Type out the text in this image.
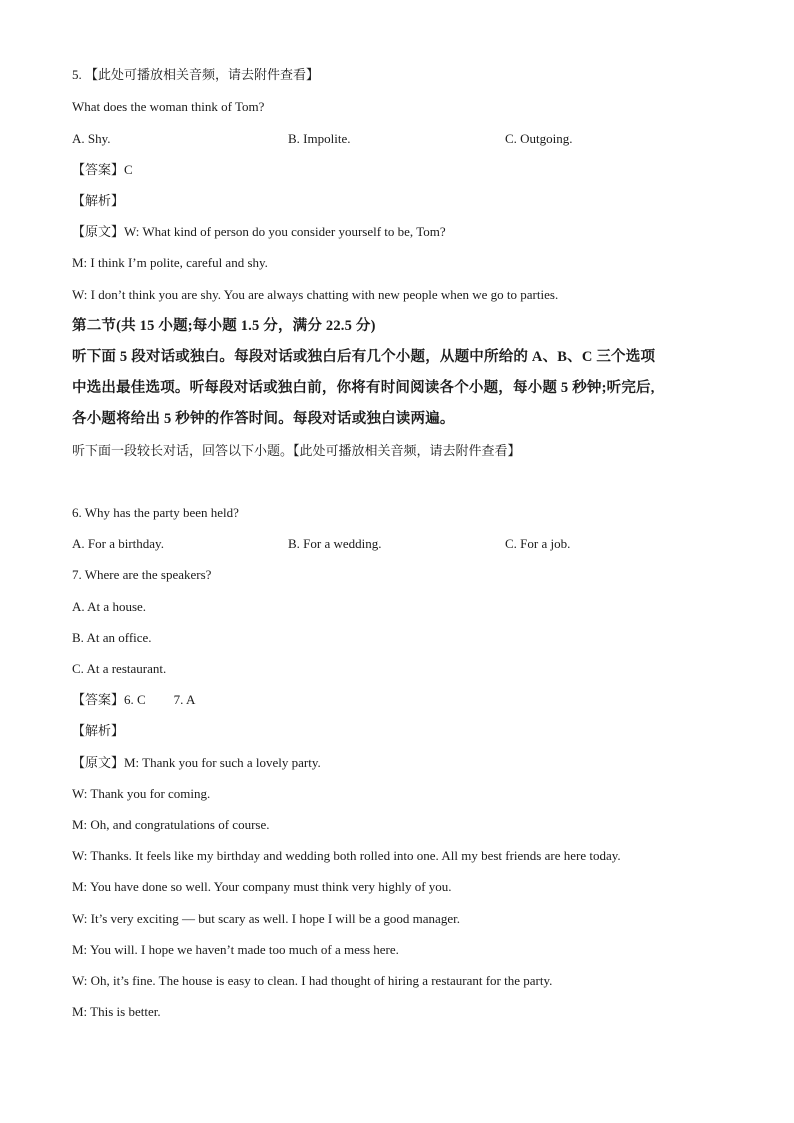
5. 【此处可播放相关音频，请去附件查看】
What does the woman think of Tom?
A. Shy.	B. Impolite.	C. Outgoing.
【答案】C
【解析】
【原文】W: What kind of person do you consider yourself to be, Tom?
M: I think I’m polite, careful and shy.
W: I don’t think you are shy. You are always chatting with new people when we go to parties.
第二节(共 15 小题;每小题 1.5 分，满分 22.5 分)
听下面 5 段对话或独白。每段对话或独白后有几个小题，从题中所给的 A、B、C 三个选项
中选出最佳选项。听每段对话或独白前，你将有时间阅读各个小题，每小题 5 秒钟;听完后,
各小题将给出 5 秒钟的作答时间。每段对话或独白读两遍。
听下面一段较长对话，回答以下小题。【此处可播放相关音频，请去附件查看】
6. Why has the party been held?
A. For a birthday.	B. For a wedding.	C. For a job.
7. Where are the speakers?
A. At a house.
B. At an office.
C. At a restaurant.
【答案】6. C 7. A
【解析】
【原文】M: Thank you for such a lovely party.
W: Thank you for coming.
M: Oh, and congratulations of course.
W: Thanks. It feels like my birthday and wedding both rolled into one. All my best friends are here today.
M: You have done so well. Your company must think very highly of you.
W: It’s very exciting — but scary as well. I hope I will be a good manager.
M: You will. I hope we haven’t made too much of a mess here.
W: Oh, it’s fine. The house is easy to clean. I had thought of hiring a restaurant for the party.
M: This is better.
